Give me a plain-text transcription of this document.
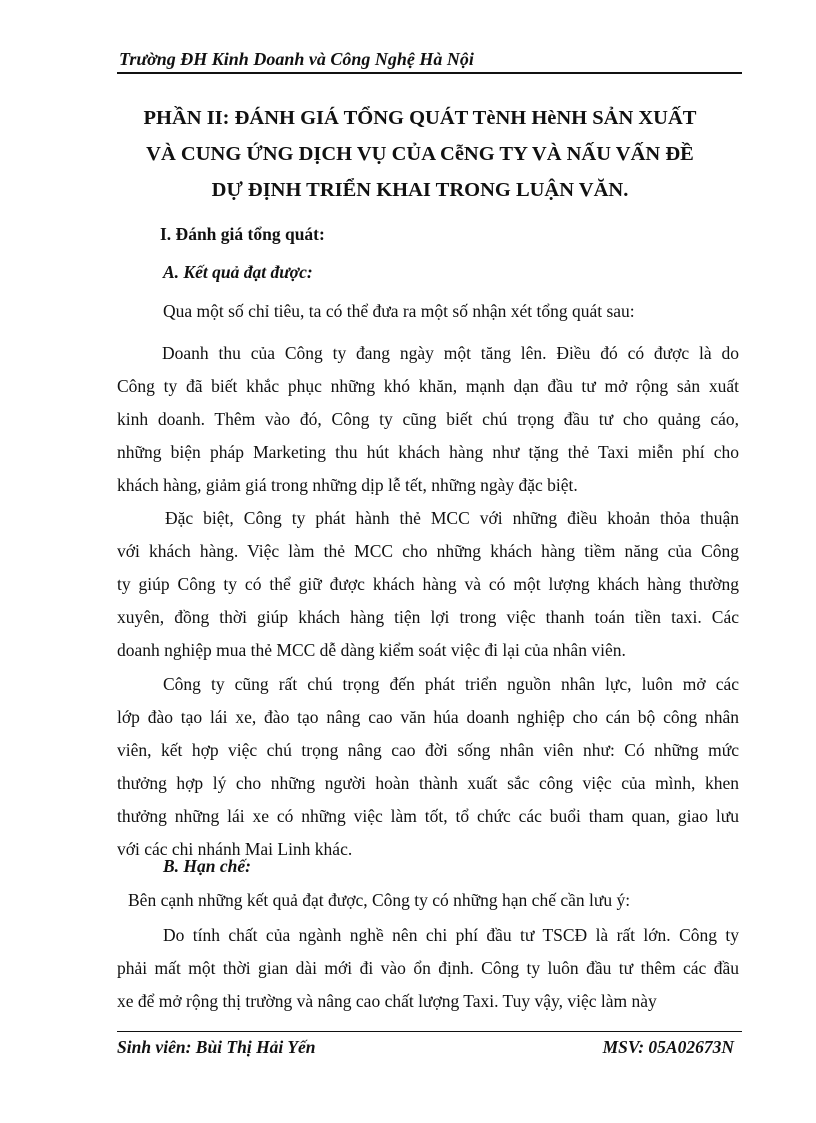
Trường ĐH Kinh Doanh và Công Nghệ Hà Nội
PHẦN II: ĐÁNH GIÁ TỔNG QUÁT TèNH HèNH SẢN XUẤT
VÀ CUNG ỨNG DỊCH VỤ CỦA CễNG TY VÀ NẤU VẤN ĐỀ
DỰ ĐỊNH TRIỂN KHAI TRONG LUẬN VĂN.
I. Đánh giá tổng quát:
A. Kết quả đạt được:
Qua một số chỉ tiêu, ta có thể đưa ra một số nhận xét tổng quát sau:
Doanh thu của Công ty đang ngày một tăng lên. Điều đó có được là do
Công ty đã biết khắc phục những khó khăn, mạnh dạn đầu tư mở rộng sản xuất
kinh doanh. Thêm vào đó, Công ty cũng biết chú trọng đầu tư cho quảng cáo,
những biện pháp Marketing thu hút khách hàng như tặng thẻ Taxi miễn phí cho
khách hàng, giảm giá trong những dịp lễ tết, những ngày đặc biệt.
Đặc biệt, Công ty phát hành thẻ MCC với những điều khoản thỏa thuận
với khách hàng. Việc làm thẻ MCC cho những khách hàng tiềm năng của Công
ty giúp Công ty có thể giữ được khách hàng và có một lượng khách hàng thường
xuyên, đồng thời giúp khách hàng tiện lợi trong việc thanh toán tiền taxi. Các
doanh nghiệp mua thẻ MCC dễ dàng kiểm soát việc đi lại của nhân viên.
Công ty cũng rất chú trọng đến phát triển nguồn nhân lực, luôn mở các
lớp đào tạo lái xe, đào tạo nâng cao văn húa doanh nghiệp cho cán bộ công nhân
viên, kết hợp việc chú trọng nâng cao đời sống nhân viên như: Có những mức
thưởng hợp lý cho những người hoàn thành xuất sắc công việc của mình, khen
thưởng những lái xe có những việc làm tốt, tổ chức các buổi tham quan, giao lưu
với các chi nhánh Mai Linh khác.
B. Hạn chế:
Bên cạnh những kết quả đạt được, Công ty có những hạn chế cần lưu ý:
Do tính chất của ngành nghề nên chi phí đầu tư TSCĐ là rất lớn. Công ty
phải mất một thời gian dài mới đi vào ổn định. Công ty luôn đầu tư thêm các đầu
xe để mở rộng thị trường và nâng cao chất lượng Taxi. Tuy vậy, việc làm này
Sinh viên: Bùi Thị Hải Yến	MSV: 05A02673N
